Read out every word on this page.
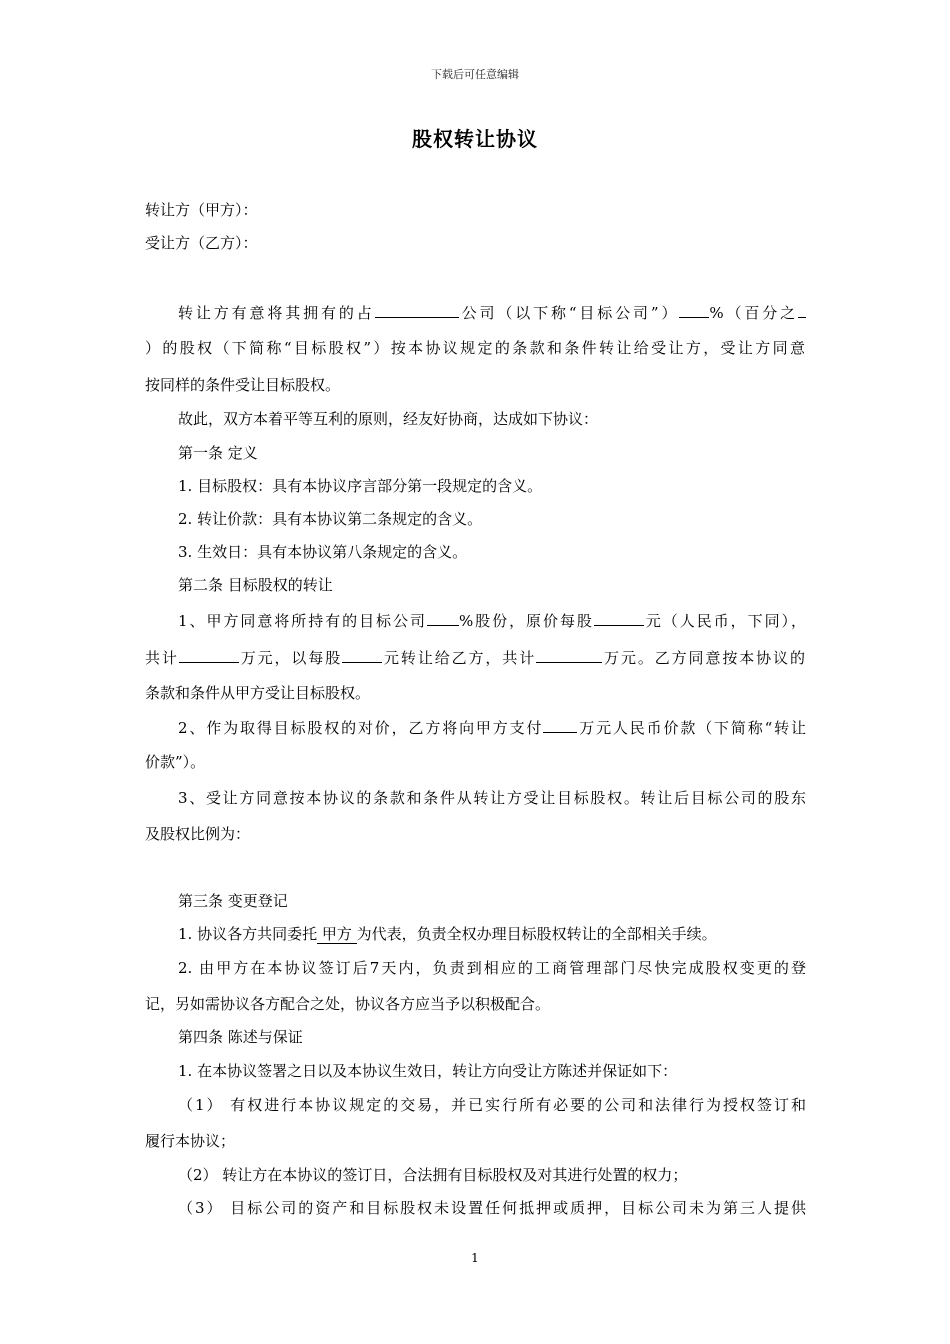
下载后可任意编辑
股权转让协议
转让方（甲方）：
受让方（乙方）：
转让方有意将其拥有的占	公司（以下称“目标公司”） %（百分之
）的股权（下简称“目标股权”）按本协议规定的条款和条件转让给受让方，受让方同意
按同样的条件受让目标股权。
故此，双方本着平等互利的原则，经友好协商，达成如下协议：
第一条 定义
1. 目标股权：具有本协议序言部分第一段规定的含义。
2. 转让价款：具有本协议第二条规定的含义。
3. 生效日：具有本协议第八条规定的含义。
第二条 目标股权的转让
1、甲方同意将所持有的目标公司 %股份，原价每股	元（人民币，下同），
共计	万元，以每股	元转让给乙方，共计	万元。乙方同意按本协议的
条款和条件从甲方受让目标股权。
2、作为取得目标股权的对价，乙方将向甲方支付 万元人民币价款（下简称“转让
价款”）。
3、受让方同意按本协议的条款和条件从转让方受让目标股权。转让后目标公司的股东
及股权比例为：
第三条 变更登记
1. 协议各方共同委托 甲方 为代表，负责全权办理目标股权转让的全部相关手续。
2. 由甲方在本协议签订后7天内，负责到相应的工商管理部门尽快完成股权变更的登
记，另如需协议各方配合之处，协议各方应当予以积极配合。
第四条 陈述与保证
1. 在本协议签署之日以及本协议生效日，转让方向受让方陈述并保证如下：
（1） 有权进行本协议规定的交易，并已实行所有必要的公司和法律行为授权签订和
履行本协议；
（2） 转让方在本协议的签订日，合法拥有目标股权及对其进行处置的权力；
（3） 目标公司的资产和目标股权未设置任何抵押或质押，目标公司未为第三人提供
1
